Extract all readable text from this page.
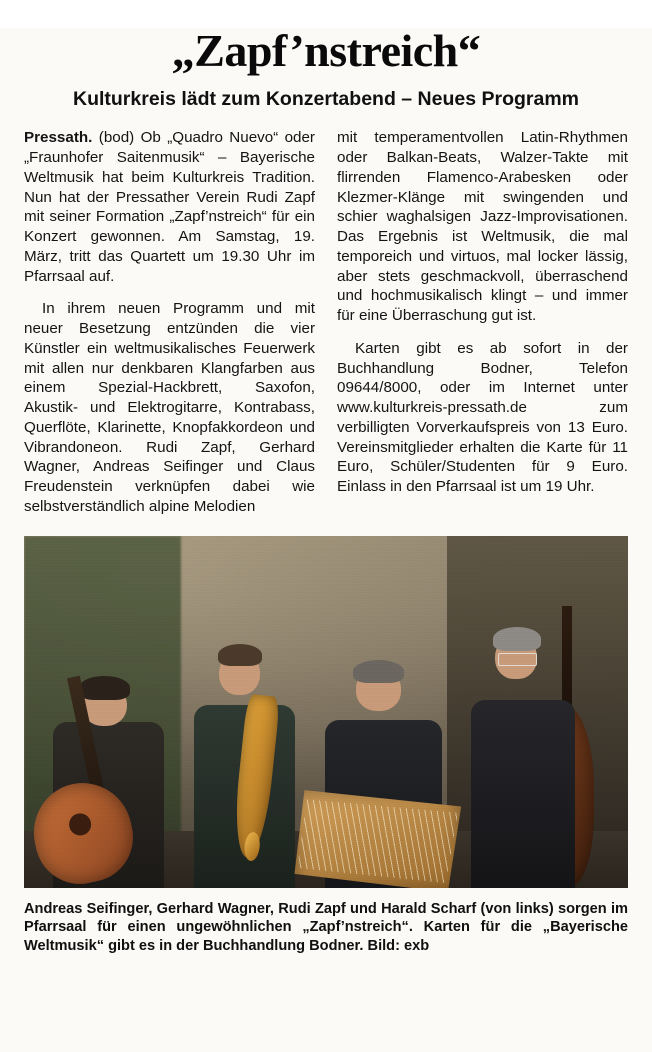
„Zapf’nstreich“
Kulturkreis lädt zum Konzertabend – Neues Programm

Pressath. (bod) Ob „Quadro Nuevo“ oder „Fraunhofer Saitenmusik“ – Bayerische Weltmusik hat beim Kulturkreis Tradition. Nun hat der Pressather Verein Rudi Zapf mit seiner Formation „Zapf’nstreich“ für ein Konzert gewonnen. Am Samstag, 19. März, tritt das Quartett um 19.30 Uhr im Pfarrsaal auf.

In ihrem neuen Programm und mit neuer Besetzung entzünden die vier Künstler ein weltmusikalisches Feuerwerk mit allen nur denkbaren Klangfarben aus einem Spezial-Hackbrett, Saxofon, Akustik- und Elektrogitarre, Kontrabass, Querflöte, Klarinette, Knopfakkordeon und Vibrandoneon. Rudi Zapf, Gerhard Wagner, Andreas Seifinger und Claus Freudenstein verknüpfen dabei wie selbstverständlich alpine Melodien

mit temperamentvollen Latin-Rhythmen oder Balkan-Beats, Walzer-Takte mit flirrenden Flamenco-Arabesken oder Klezmer-Klänge mit swingenden und schier waghalsigen Jazz-Improvisationen. Das Ergebnis ist Weltmusik, die mal temporeich und virtuos, mal locker lässig, aber stets geschmackvoll, überraschend und hochmusikalisch klingt – und immer für eine Überraschung gut ist.

Karten gibt es ab sofort in der Buchhandlung Bodner, Telefon 09644/8000, oder im Internet unter www.kulturkreis-pressath.de zum verbilligten Vorverkaufspreis von 13 Euro. Vereinsmitglieder erhalten die Karte für 11 Euro, Schüler/Studenten für 9 Euro. Einlass in den Pfarrsaal ist um 19 Uhr.

Andreas Seifinger, Gerhard Wagner, Rudi Zapf und Harald Scharf (von links) sorgen im Pfarrsaal für einen ungewöhnlichen „Zapf’nstreich“. Karten für die „Bayerische Weltmusik“ gibt es in der Buchhandlung Bodner. Bild: exb
